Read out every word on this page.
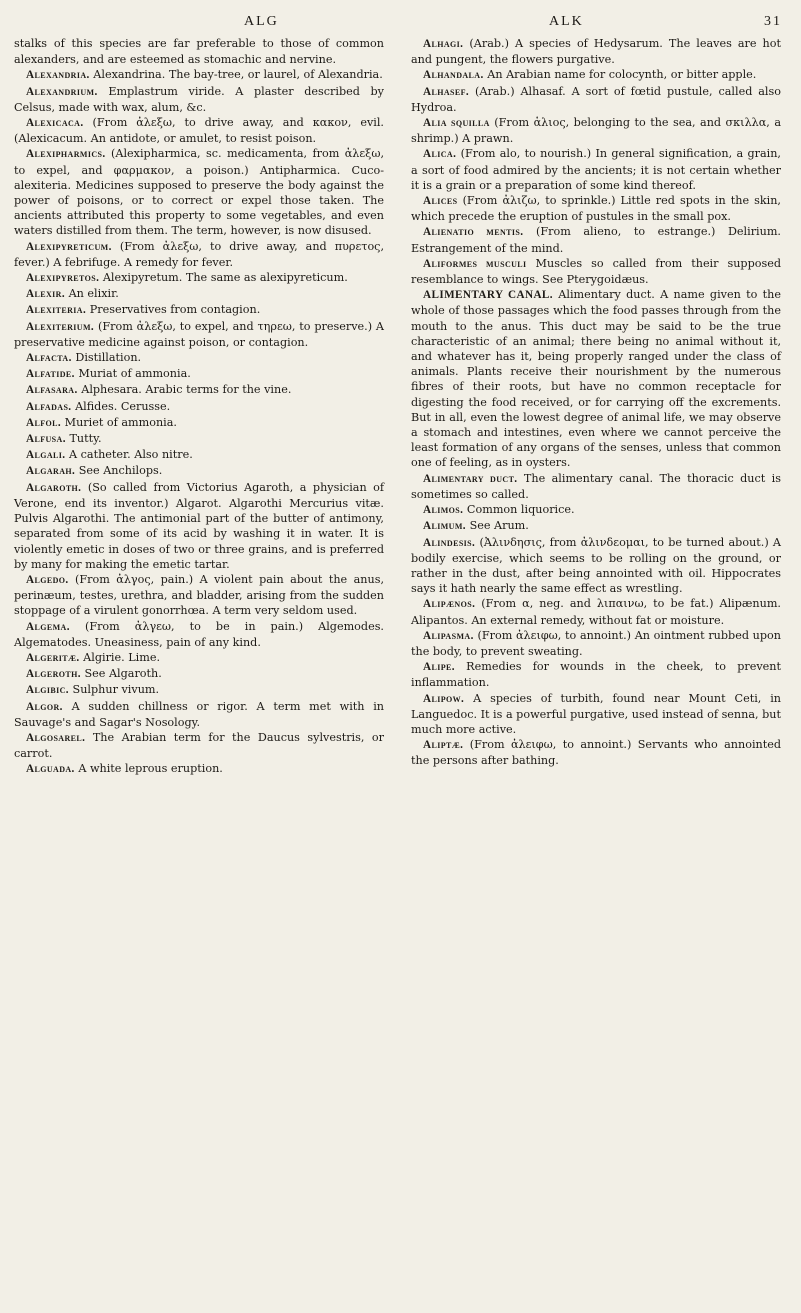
ALG	ALK	31

stalks of this species are far preferable to those of common alexanders, and are esteemed as stomachic and nervine.

Alexandria. Alexandrina. The bay-tree, or laurel, of Alexandria.

Alexandrium. Emplastrum viride. A plaster described by Celsus, made with wax, alum, &c.

Alexicaca. (From ἀλεξω, to drive away, and κακον, evil. (Alexicacum. An antidote, or amulet, to resist poison.

Alexipharmics. (Alexipharmica, sc. medicamenta, from ἀλεξω, to expel, and φαρμακον, a poison.) Antipharmica. Cuco-alexiteria. Medicines supposed to preserve the body against the power of poisons, or to correct or expel those taken. The ancients attributed this property to some vegetables, and even waters distilled from them. The term, however, is now disused.

Alexipyreticum. (From ἀλεξω, to drive away, and πυρετος, fever.) A febrifuge. A remedy for fever.

Alexipyretos. Alexipyretum. The same as alexipyreticum.

Alexir. An elixir.

Alexiteria. Preservatives from contagion.

Alexiterium. (From ἀλεξω, to expel, and τηρεω, to preserve.) A preservative medicine against poison, or contagion.

Alfacta. Distillation.

Alfatide. Muriat of ammonia.

Alfasara. Alphesara. Arabic terms for the vine.

Alfadas. Alfides. Cerusse.

Alfol. Muriet of ammonia.

Alfusa. Tutty.

Algali. A catheter. Also nitre.

Algarah. See Anchilops.

Algaroth. (So called from Victorius Agaroth, a physician of Verone, end its inventor.) Algarot. Algarothi Mercurius vitæ. Pulvis Algarothi. The antimonial part of the butter of antimony, separated from some of its acid by washing it in water. It is violently emetic in doses of two or three grains, and is preferred by many for making the emetic tartar.

Algedo. (From ἀλγος, pain.) A violent pain about the anus, perinæum, testes, urethra, and bladder, arising from the sudden stoppage of a virulent gonorrhœa. A term very seldom used.

Algema. (From ἀλγεω, to be in pain.) Algemodes. Algematodes. Uneasiness, pain of any kind.

Algeritæ. Algirie. Lime.

Algeroth. See Algaroth.

Algibic. Sulphur vivum.

Algor. A sudden chillness or rigor. A term met with in Sauvage's and Sagar's Nosology.

Algosarel. The Arabian term for the Daucus sylvestris, or carrot.

Alguada. A white leprous eruption.

Alhagi. (Arab.) A species of Hedysarum. The leaves are hot and pungent, the flowers purgative.

Alhandala. An Arabian name for colocynth, or bitter apple.

Alhasef. (Arab.) Alhasaf. A sort of fœtid pustule, called also Hydroa.

Alia squilla (From ἁλιος, belonging to the sea, and σκιλλα, a shrimp.) A prawn.

Alica. (From alo, to nourish.) In general signification, a grain, a sort of food admired by the ancients; it is not certain whether it is a grain or a preparation of some kind thereof.

Alices (From ἀλιζω, to sprinkle.) Little red spots in the skin, which precede the eruption of pustules in the small pox.

Alienatio mentis. (From alieno, to estrange.) Delirium. Estrangement of the mind.

Aliformes musculi Muscles so called from their supposed resemblance to wings. See Pterygoidæus.

ALIMENTARY CANAL. Alimentary duct. A name given to the whole of those passages which the food passes through from the mouth to the anus. This duct may be said to be the true characteristic of an animal; there being no animal without it, and whatever has it, being properly ranged under the class of animals. Plants receive their nourishment by the numerous fibres of their roots, but have no common receptacle for digesting the food received, or for carrying off the excrements. But in all, even the lowest degree of animal life, we may observe a stomach and intestines, even where we cannot perceive the least formation of any organs of the senses, unless that common one of feeling, as in oysters.

Alimentary duct. The alimentary canal. The thoracic duct is sometimes so called.

Alimos. Common liquorice.

Alimum. See Arum.

Alindesis. (Ἀλινδησις, from ἀλινδεομαι, to be turned about.) A bodily exercise, which seems to be rolling on the ground, or rather in the dust, after being annointed with oil. Hippocrates says it hath nearly the same effect as wrestling.

Alipænos. (From α, neg. and λιπαινω, to be fat.) Alipænum. Alipantos. An external remedy, without fat or moisture.

Alipasma. (From ἀλειφω, to annoint.) An ointment rubbed upon the body, to prevent sweating.

Alipe. Remedies for wounds in the cheek, to prevent inflammation.

Alipow. A species of turbith, found near Mount Ceti, in Languedoc. It is a powerful purgative, used instead of senna, but much more active.

Aliptæ. (From ἀλειφω, to annoint.) Servants who annointed the persons after bathing.
